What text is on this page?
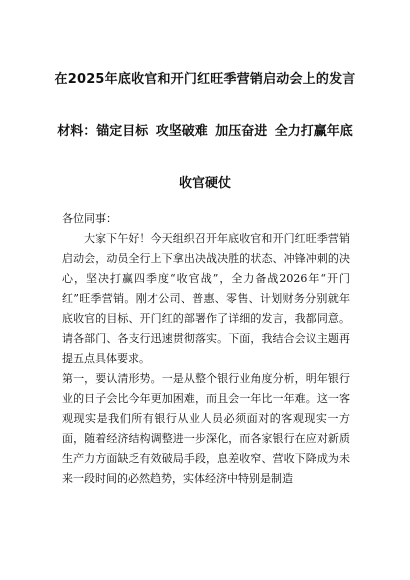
在2025年底收官和开门红旺季营销启动会上的发言
材料：锚定目标 攻坚破难 加压奋进 全力打赢年底
收官硬仗
各位同事：
大家下午好！今天组织召开年底收官和开门红旺季营销启动会，动员全行上下拿出决战决胜的状态、冲锋冲刺的决心，坚决打赢四季度“收官战”，全力备战2026年“开门红”旺季营销。刚才公司、普惠、零售、计划财务分别就年底收官的目标、开门红的部署作了详细的发言，我都同意。请各部门、各支行迅速贯彻落实。下面，我结合会议主题再提五点具体要求。
第一，要认清形势。一是从整个银行业角度分析，明年银行业的日子会比今年更加困难，而且会一年比一年难。这一客观现实是我们所有银行从业人员必须面对的客观现实一方面，随着经济结构调整进一步深化，而各家银行在应对新质生产力方面缺乏有效破局手段，息差收窄、营收下降成为未来一段时间的必然趋势，实体经济中特别是制造
